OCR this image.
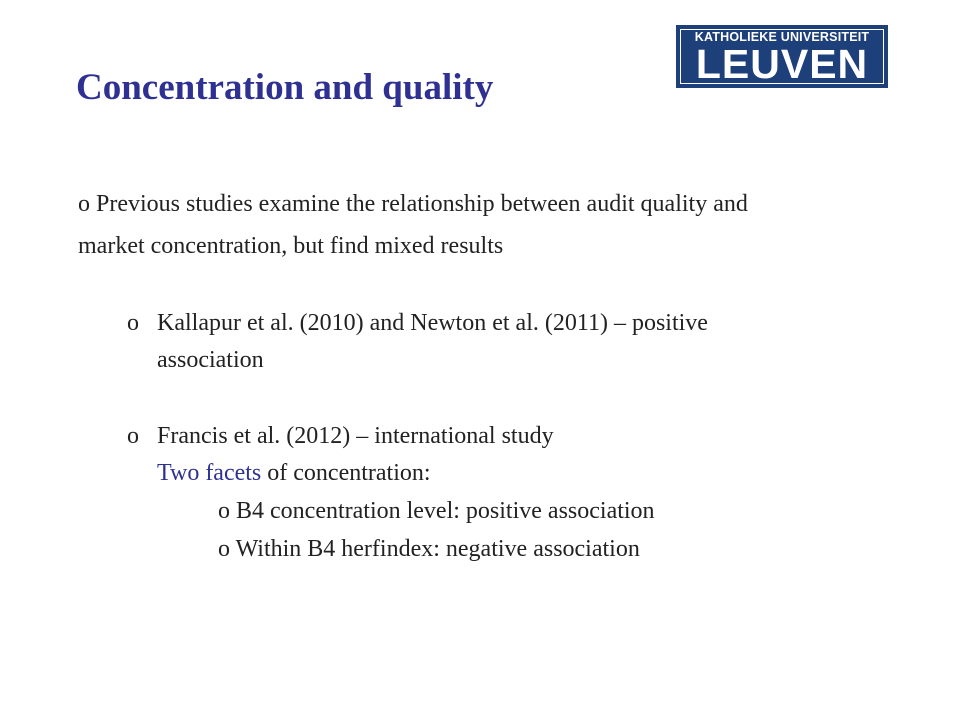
Concentration and quality
KATHOLIEKE UNIVERSITEIT
LEUVEN
o Previous studies examine the relationship between audit quality and
market concentration, but find mixed results
o Kallapur et al. (2010) and Newton et al. (2011) – positive
association
o Francis et al. (2012) – international study
Two facets of concentration:
o B4 concentration level: positive association
o Within B4 herfindex: negative association
